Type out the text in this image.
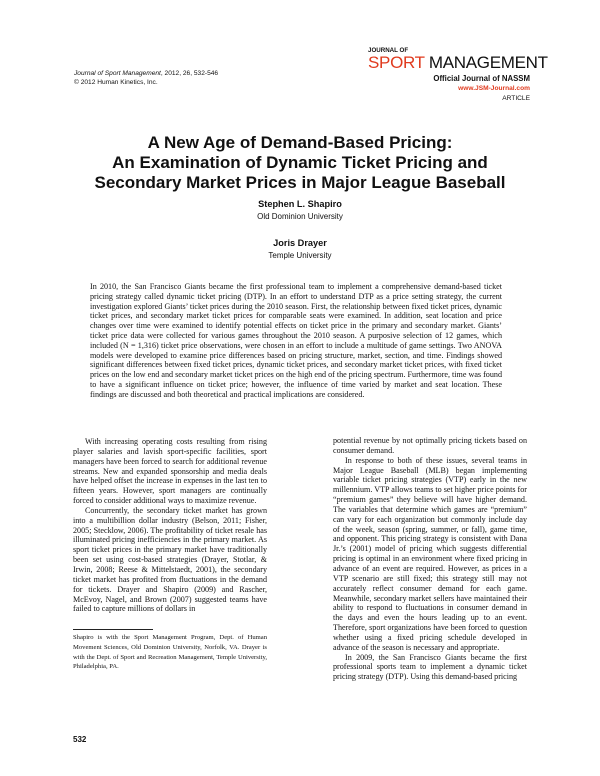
Journal of Sport Management, 2012, 26, 532-546
© 2012 Human Kinetics, Inc.
JOURNAL OF
SPORT MANAGEMENT
Official Journal of NASSM
www.JSM-Journal.com
ARTICLE
A New Age of Demand-Based Pricing:
An Examination of Dynamic Ticket Pricing and
Secondary Market Prices in Major League Baseball
Stephen L. Shapiro
Old Dominion University
Joris Drayer
Temple University
In 2010, the San Francisco Giants became the first professional team to implement a comprehensive demand-based ticket pricing strategy called dynamic ticket pricing (DTP). In an effort to understand DTP as a price setting strategy, the current investigation explored Giants’ ticket prices during the 2010 season. First, the relationship between fixed ticket prices, dynamic ticket prices, and secondary market ticket prices for comparable seats were examined. In addition, seat location and price changes over time were examined to identify potential effects on ticket price in the primary and secondary market. Giants’ ticket price data were collected for various games throughout the 2010 season. A purposive selection of 12 games, which included (N = 1,316) ticket price observations, were chosen in an effort to include a multitude of game settings. Two ANOVA models were developed to examine price differences based on pricing structure, market, section, and time. Findings showed significant differences between fixed ticket prices, dynamic ticket prices, and secondary market ticket prices, with fixed ticket prices on the low end and secondary market ticket prices on the high end of the pricing spectrum. Furthermore, time was found to have a significant influence on ticket price; however, the influence of time varied by market and seat location. These findings are discussed and both theoretical and practical implications are considered.

With increasing operating costs resulting from rising player salaries and lavish sport-specific facilities, sport managers have been forced to search for additional revenue streams. New and expanded sponsorship and media deals have helped offset the increase in expenses in the last ten to fifteen years. However, sport managers are continually forced to consider additional ways to maximize revenue.

Concurrently, the secondary ticket market has grown into a multibillion dollar industry (Belson, 2011; Fisher, 2005; Stecklow, 2006). The profitability of ticket resale has illuminated pricing inefficiencies in the primary market. As sport ticket prices in the primary market have traditionally been set using cost-based strategies (Drayer, Stotlar, & Irwin, 2008; Reese & Mittelstaedt, 2001), the secondary ticket market has profited from fluctuations in the demand for tickets. Drayer and Shapiro (2009) and Rascher, McEvoy, Nagel, and Brown (2007) suggested teams have failed to capture millions of dollars in

potential revenue by not optimally pricing tickets based on consumer demand.

In response to both of these issues, several teams in Major League Baseball (MLB) began implementing variable ticket pricing strategies (VTP) early in the new millennium. VTP allows teams to set higher price points for “premium games” they believe will have higher demand. The variables that determine which games are “premium” can vary for each organization but commonly include day of the week, season (spring, summer, or fall), game time, and opponent. This pricing strategy is consistent with Dana Jr.’s (2001) model of pricing which suggests differential pricing is optimal in an environment where fixed pricing in advance of an event are required. However, as prices in a VTP scenario are still fixed; this strategy still may not accurately reflect consumer demand for each game. Meanwhile, secondary market sellers have maintained their ability to respond to fluctuations in consumer demand in the days and even the hours leading up to an event. Therefore, sport organizations have been forced to question whether using a fixed pricing schedule developed in advance of the season is necessary and appropriate.

In 2009, the San Francisco Giants became the first professional sports team to implement a dynamic ticket pricing strategy (DTP). Using this demand-based pricing

Shapiro is with the Sport Management Program, Dept. of Human Movement Sciences, Old Dominion University, Norfolk, VA. Drayer is with the Dept. of Sport and Recreation Management, Temple University, Philadelphia, PA.
532
